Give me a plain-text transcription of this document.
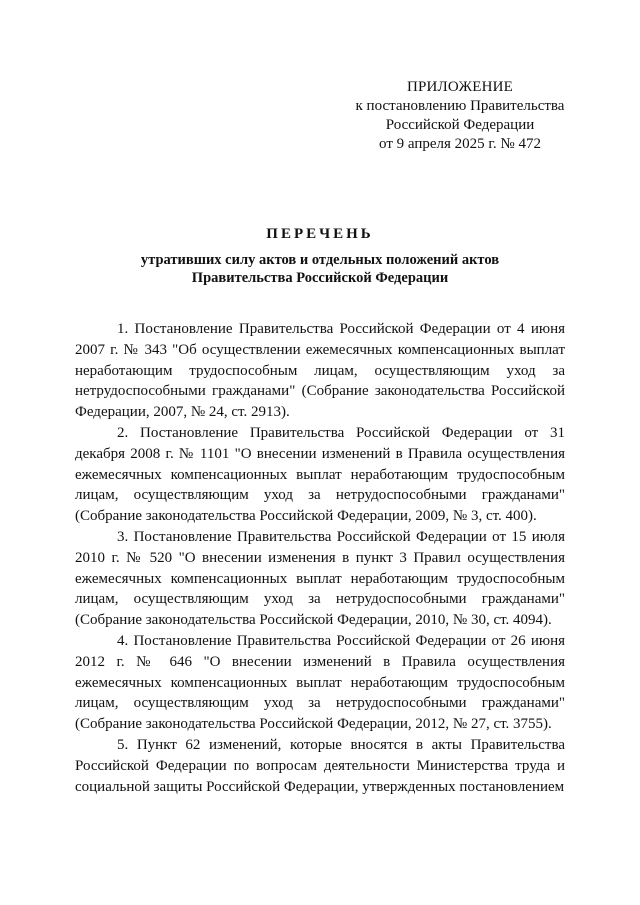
ПРИЛОЖЕНИЕ
к постановлению Правительства
Российской Федерации
от 9 апреля 2025 г. № 472
ПЕРЕЧЕНЬ
утративших силу актов и отдельных положений актов
Правительства Российской Федерации

1. Постановление Правительства Российской Федерации от 4 июня 2007 г. № 343 "Об осуществлении ежемесячных компенсационных выплат неработающим трудоспособным лицам, осуществляющим уход за нетрудоспособными гражданами" (Собрание законодательства Российской Федерации, 2007, № 24, ст. 2913).

2. Постановление Правительства Российской Федерации от 31 декабря 2008 г. № 1101 "О внесении изменений в Правила осуществления ежемесячных компенсационных выплат неработающим трудоспособным лицам, осуществляющим уход за нетрудоспособными гражданами" (Собрание законодательства Российской Федерации, 2009, № 3, ст. 400).

3. Постановление Правительства Российской Федерации от 15 июля 2010 г. № 520 "О внесении изменения в пункт 3 Правил осуществления ежемесячных компенсационных выплат неработающим трудоспособным лицам, осуществляющим уход за нетрудоспособными гражданами" (Собрание законодательства Российской Федерации, 2010, № 30, ст. 4094).

4. Постановление Правительства Российской Федерации от 26 июня 2012 г. № 646 "О внесении изменений в Правила осуществления ежемесячных компенсационных выплат неработающим трудоспособным лицам, осуществляющим уход за нетрудоспособными гражданами" (Собрание законодательства Российской Федерации, 2012, № 27, ст. 3755).

5. Пункт 62 изменений, которые вносятся в акты Правительства Российской Федерации по вопросам деятельности Министерства труда и социальной защиты Российской Федерации, утвержденных постановлением
